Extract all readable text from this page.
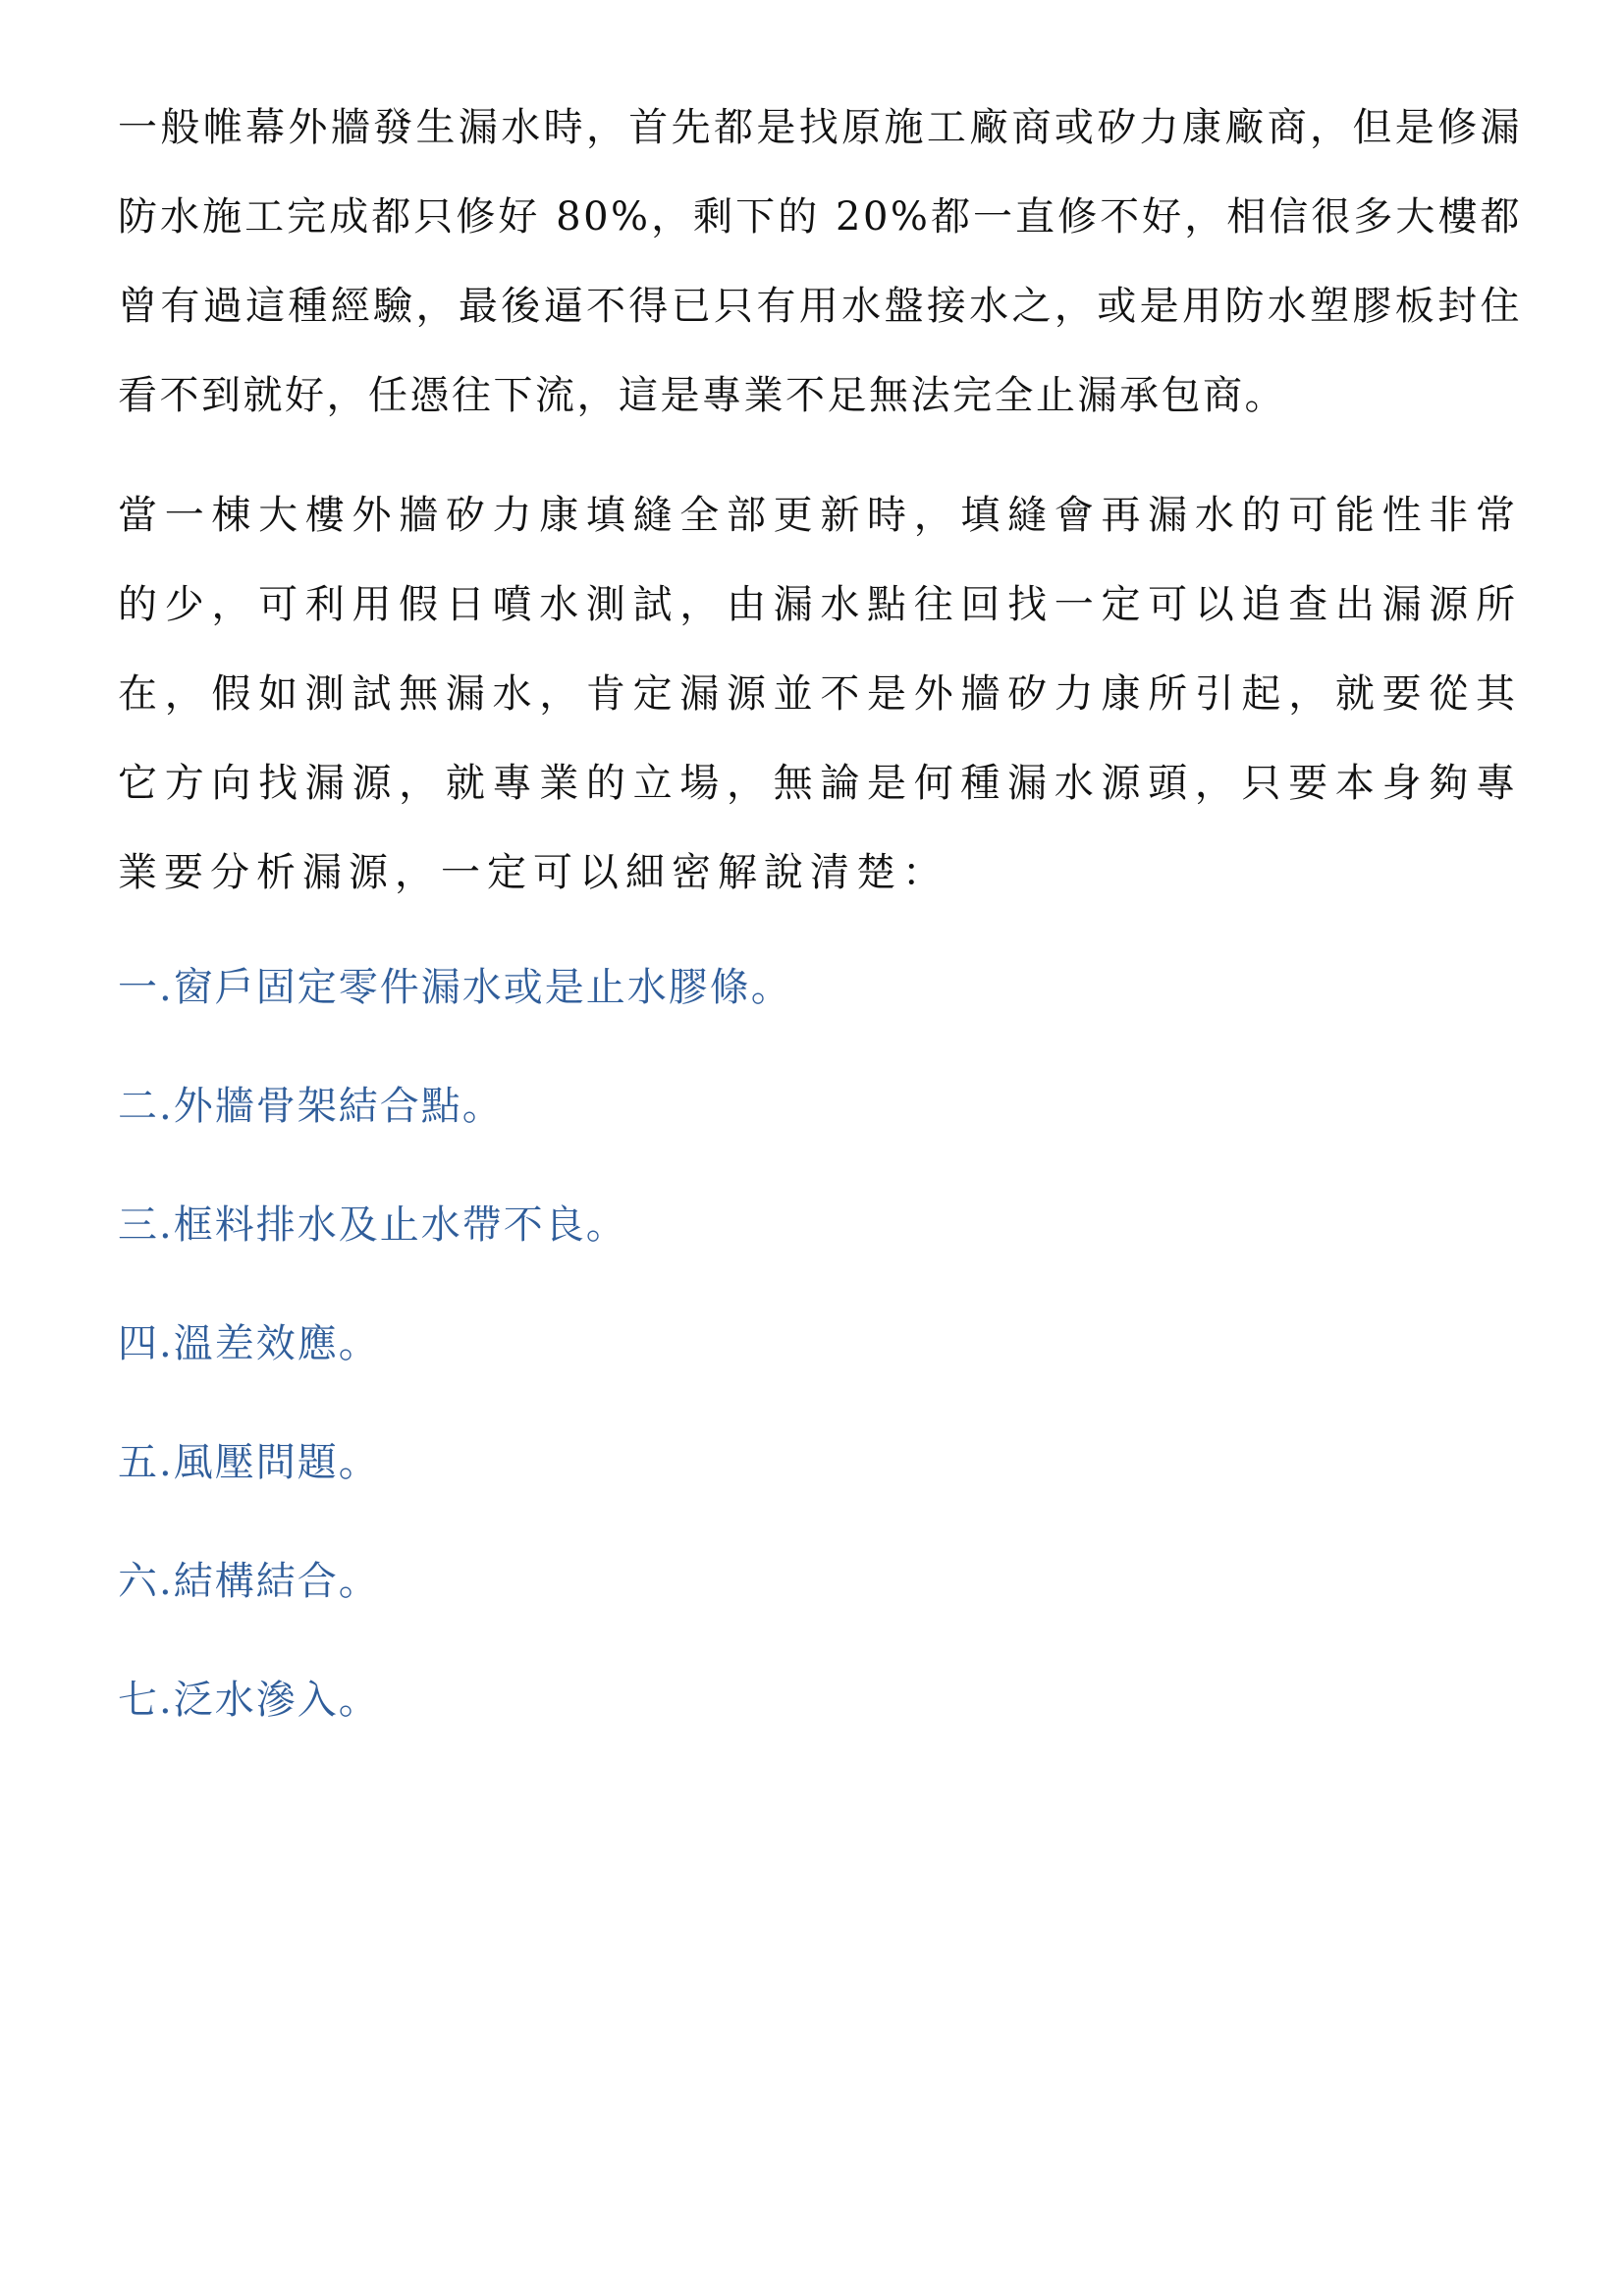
一般帷幕外牆發生漏水時，首先都是找原施工廠商或矽力康廠商，但是修漏防水施工完成都只修好 80%，剩下的 20%都一直修不好，相信很多大樓都曾有過這種經驗，最後逼不得已只有用水盤接水之，或是用防水塑膠板封住看不到就好，任憑往下流，這是專業不足無法完全止漏承包商。

當一棟大樓外牆矽力康填縫全部更新時，填縫會再漏水的可能性非常的少，可利用假日噴水測試，由漏水點往回找一定可以追查出漏源所在，假如測試無漏水，肯定漏源並不是外牆矽力康所引起，就要從其它方向找漏源，就專業的立場，無論是何種漏水源頭，只要本身夠專業要分析漏源，一定可以細密解說清楚：

一.窗戶固定零件漏水或是止水膠條。
二.外牆骨架結合點。
三.框料排水及止水帶不良。
四.溫差效應。
五.風壓問題。
六.結構結合。
七.泛水滲入。
